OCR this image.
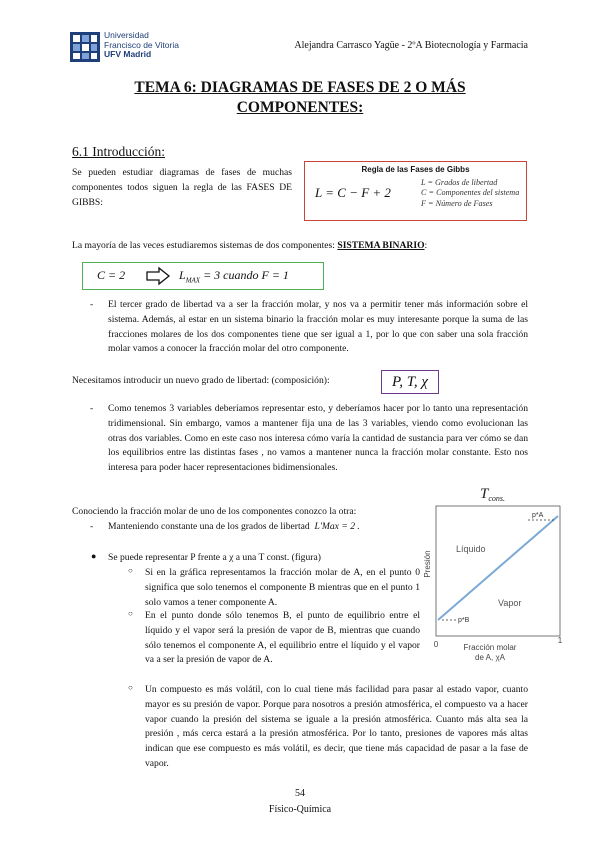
Universidad
Francisco de Vitoria
UFV Madrid
Alejandra Carrasco Yagüe - 2ºA Biotecnología y Farmacia
TEMA 6: DIAGRAMAS DE FASES DE 2 O MÁS
COMPONENTES:
6.1 Introducción:

Se pueden estudiar diagramas de fases de muchas componentes todos siguen la regla de las FASES DE GIBBS:

Regla de las Fases de Gibbs
L = C − F + 2
L = Grados de libertad
C = Componentes del sistema
F = Número de Fases

La mayoría de las veces estudiaremos sistemas de dos componentes: SISTEMA BINARIO:

C = 2	$L_{MAX} = 3$ cuando F = 1
- El tercer grado de libertad va a ser la fracción molar, y nos va a permitir tener más información sobre el sistema. Además, al estar en un sistema binario la fracción molar es muy interesante porque la suma de las fracciones molares de los dos componentes tiene que ser igual a 1, por lo que con saber una sola fracción molar vamos a conocer la fracción molar del otro componente.

Necesitamos introducir un nuevo grado de libertad: (composición):	P, T, χ
- Como tenemos 3 variables deberíamos representar esto, y deberíamos hacer por lo tanto una representación tridimensional. Sin embargo, vamos a mantener fija una de las 3 variables, viendo como evolucionan las otras dos variables. Como en este caso nos interesa cómo varía la cantidad de sustancia para ver cómo se dan los equilibrios entre las distintas fases , no vamos a mantener nunca la fracción molar constante. Esto nos interesa para poder hacer representaciones bidimensionales.

Conociendo la fracción molar de uno de los componentes conozco la otra:

- Manteniendo constante una de los grados de libertad L'Max = 2 .

● Se puede representar P frente a χ a una T const. (figura)

○ Si en la gráfica representamos la fracción molar de A, en el punto 0 significa que solo tenemos el componente B mientras que en el punto 1 solo vamos a tener componente A.

○ En el punto donde sólo tenemos B, el punto de equilibrio entre el líquido y el vapor será la presión de vapor de B, mientras que cuando sólo tenemos el componente A, el equilibrio entre el líquido y el vapor va a ser la presión de vapor de A.

○ Un compuesto es más volátil, con lo cual tiene más facilidad para pasar al estado vapor, cuanto mayor es su presión de vapor. Porque para nosotros a presión atmosférica, el compuesto va a hacer vapor cuando la presión del sistema se iguale a la presión atmosférica. Cuanto más alta sea la presión , más cerca estará a la presión atmosférica. Por lo tanto, presiones de vapores más altas indican que ese compuesto es más volátil, es decir, que tiene más capacidad de pasar a la fase de vapor.

$T_{cons.}$
p*A
p*B
Líquido
Vapor
Presión
0	1
Fracción molar
de A, χA
54
Físico-Química
